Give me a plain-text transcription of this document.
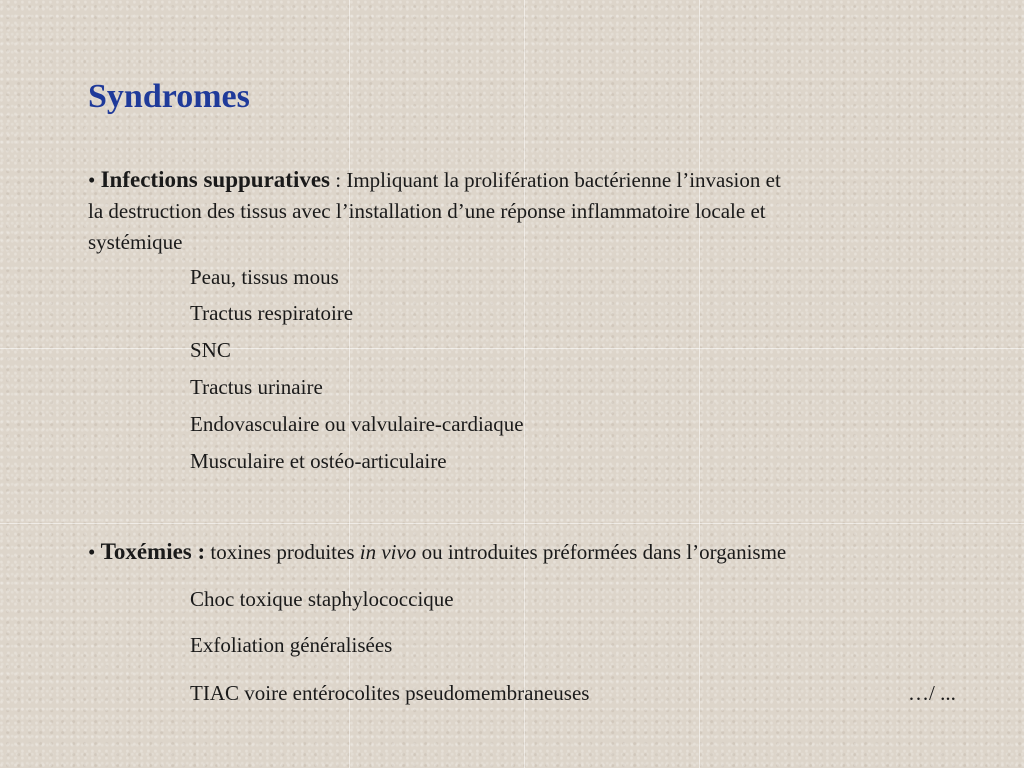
Syndromes

• Infections suppuratives : Impliquant la prolifération bactérienne l’invasion et
la destruction des tissus avec l’installation d’une réponse inflammatoire locale et
systémique

Peau, tissus mous
Tractus respiratoire
SNC
Tractus urinaire
Endovasculaire ou valvulaire-cardiaque
Musculaire et ostéo-articulaire

• Toxémies : toxines produites in vivo ou introduites préformées dans l’organisme

Choc toxique staphylococcique
Exfoliation généralisées
TIAC voire entérocolites pseudomembraneuses	…/ ...
